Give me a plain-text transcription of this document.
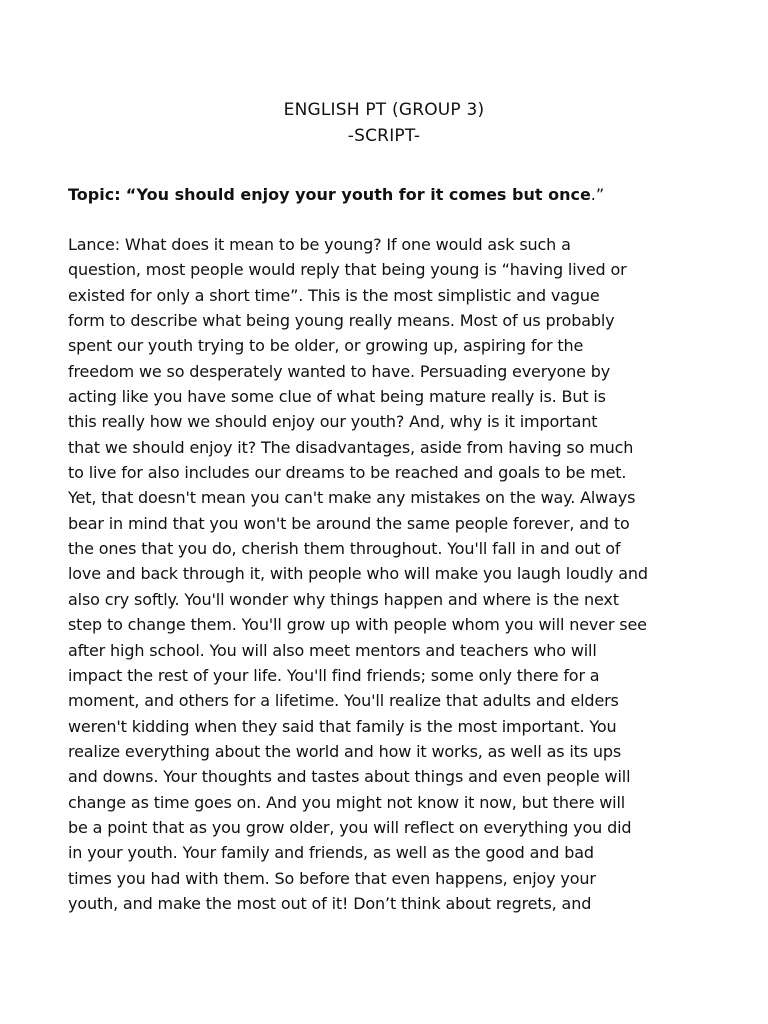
ENGLISH PT (GROUP 3)
-SCRIPT-
Topic: “You should enjoy your youth for it comes but once.”
Lance: What does it mean to be young? If one would ask such a
question, most people would reply that being young is “having lived or
existed for only a short time”. This is the most simplistic and vague
form to describe what being young really means. Most of us probably
spent our youth trying to be older, or growing up, aspiring for the
freedom we so desperately wanted to have. Persuading everyone by
acting like you have some clue of what being mature really is. But is
this really how we should enjoy our youth? And, why is it important
that we should enjoy it? The disadvantages, aside from having so much
to live for also includes our dreams to be reached and goals to be met.
Yet, that doesn't mean you can't make any mistakes on the way. Always
bear in mind that you won't be around the same people forever, and to
the ones that you do, cherish them throughout. You'll fall in and out of
love and back through it, with people who will make you laugh loudly and
also cry softly. You'll wonder why things happen and where is the next
step to change them. You'll grow up with people whom you will never see
after high school. You will also meet mentors and teachers who will
impact the rest of your life. You'll find friends; some only there for a
moment, and others for a lifetime. You'll realize that adults and elders
weren't kidding when they said that family is the most important. You
realize everything about the world and how it works, as well as its ups
and downs. Your thoughts and tastes about things and even people will
change as time goes on. And you might not know it now, but there will
be a point that as you grow older, you will reflect on everything you did
in your youth. Your family and friends, as well as the good and bad
times you had with them. So before that even happens, enjoy your
youth, and make the most out of it! Don’t think about regrets, and
